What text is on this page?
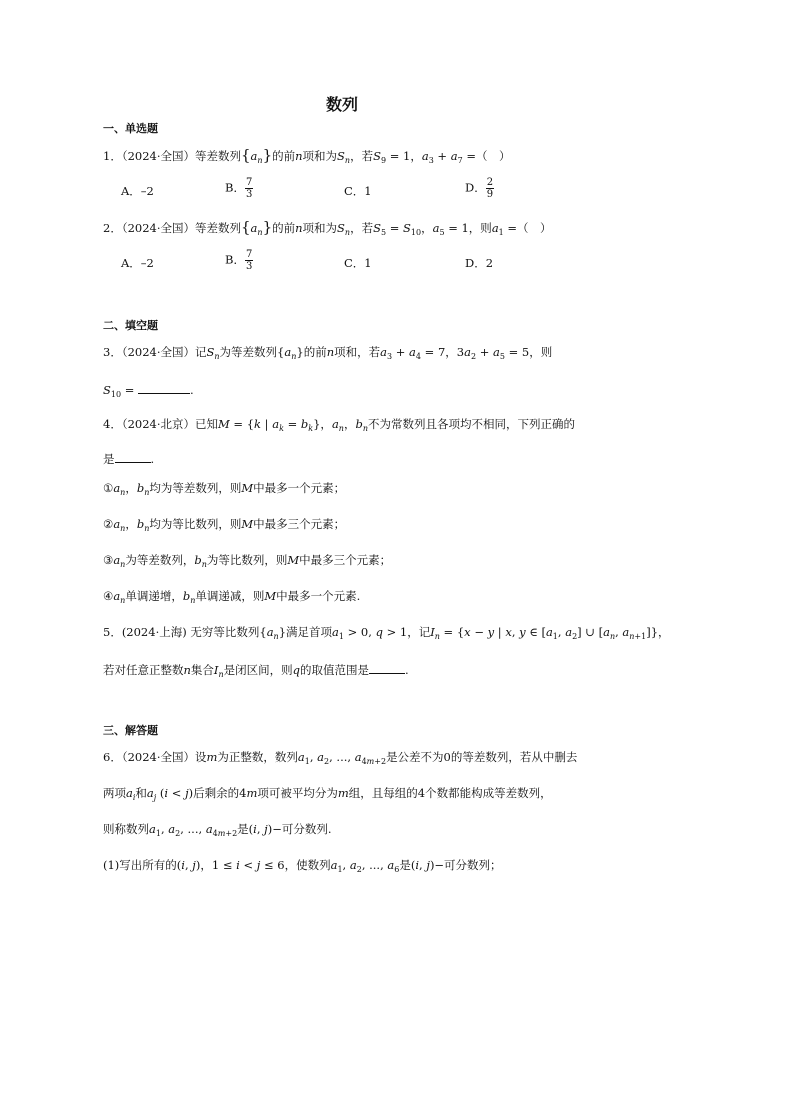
数列
一、单选题
1．（2024·全国）等差数列$\{a_n\}$的前n项和为$S_n$，若$S_9 = 1$，$a_3 + a_7$ =（　）
A．–2	B． $\frac{7}{3}$	C．1	D． $\frac{2}{9}$
2．（2024·全国）等差数列$\{a_n\}$的前n项和为$S_n$，若$S_5 = S_{10}$，$a_5 = 1$，则$a_1$ =（　）
A．–2	B． $\frac{7}{3}$	C．1	D．2
二、填空题
3．（2024·全国）记$S_n$为等差数列$\{a_n\}$的前n项和，若$a_3 + a_4 = 7$，$3a_2 + a_5 = 5$，则
$S_{10}$ =	.
4．（2024·北京）已知M = {k | $a_k = b_k$}，$a_n$，$b_n$不为常数列且各项均不相同，下列正确的
是	.
$①a_n$，$b_n$均为等差数列，则M中最多一个元素；
$②a_n$，$b_n$均为等比数列，则M中最多三个元素；
$③a_n$为等差数列，$b_n$为等比数列，则M中最多三个元素；
$④a_n$单调递增，$b_n$单调递减，则M中最多一个元素.
5．(2024·上海) 无穷等比数列$\{a_n\}$满足首项$a_1 > 0$, q > 1，记$I_n = \{x - y$ | x, y ∈ [$a_1$, $a_2$] ∪ [$a_n$, $a_{n+1}$]}，
若对任意正整数n集合$I_n$是闭区间，则q的取值范围是	.
三、解答题
6．（2024·全国）设m为正整数，数列$a_1$, $a_2$, ..., $a_{4m+2}$是公差不为0的等差数列，若从中删去
两项$a_i$和$a_j$ (i < j)后剩余的4m项可被平均分为m组，且每组的4个数都能构成等差数列，
则称数列$a_1$, $a_2$, ..., $a_{4m+2}$是(i, j)−可分数列.
(1)写出所有的(i, j)，1 ≤ i < j ≤ 6，使数列$a_1$, $a_2$, ..., $a_6$是(i, j)−可分数列；
